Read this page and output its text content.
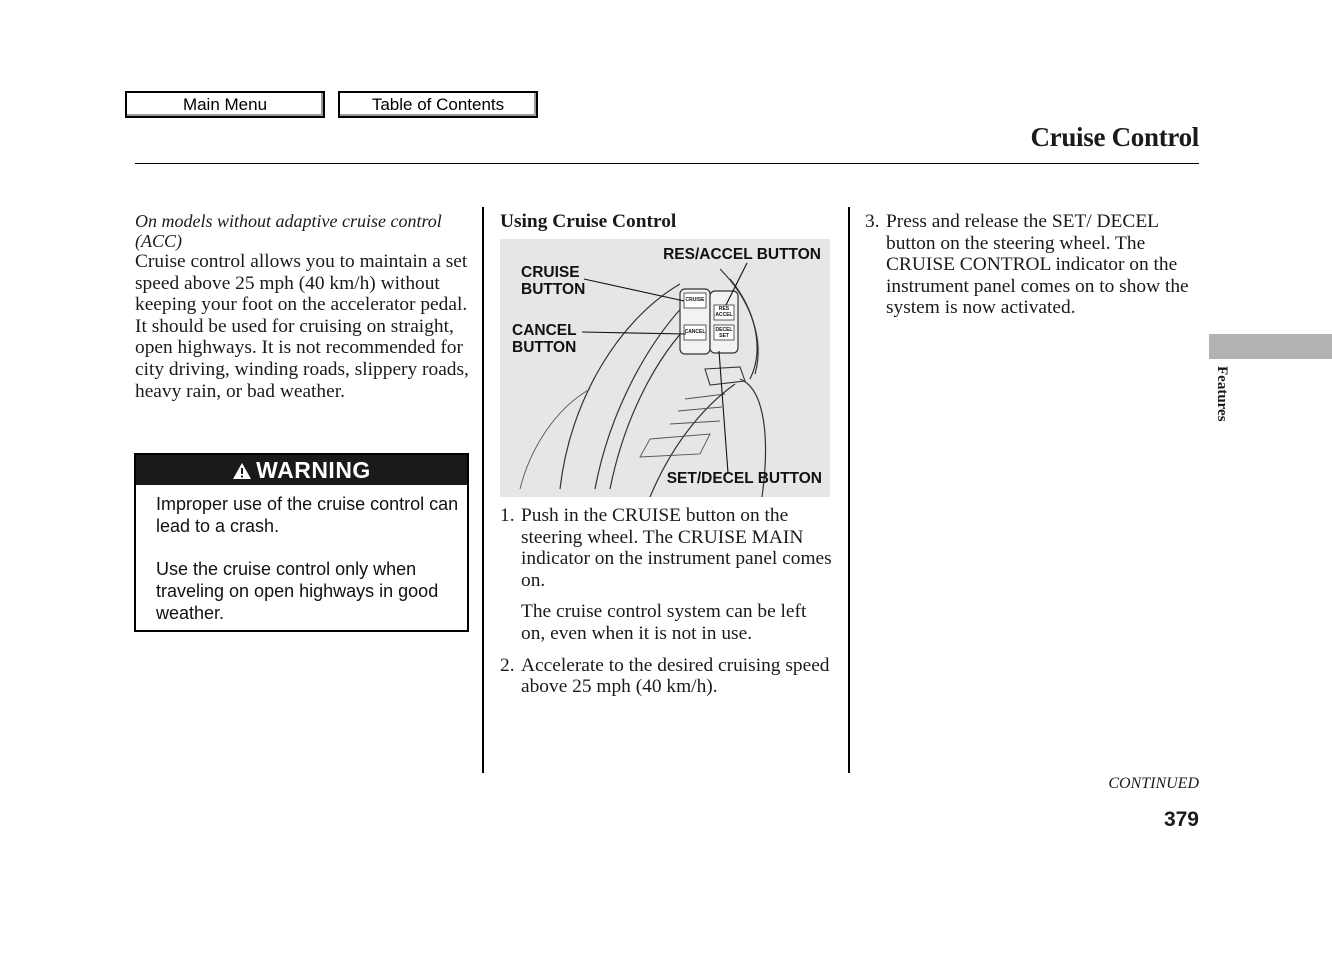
Main Menu	Table of Contents
Cruise Control
On models without adaptive cruise control (ACC)
Cruise control allows you to maintain a set speed above 25 mph (40 km/h) without keeping your foot on the accelerator pedal. It should be used for cruising on straight, open highways. It is not recommended for city driving, winding roads, slippery roads, heavy rain, or bad weather.
WARNING

Improper use of the cruise control can lead to a crash.

Use the cruise control only when traveling on open highways in good weather.

Using Cruise Control
CRUISE
CANCEL
RES
ACCEL
DECEL
SET
RES/ACCEL BUTTON
CRUISE
BUTTON
CANCEL
BUTTON
SET/DECEL BUTTON
1. Push in the CRUISE button on the steering wheel. The CRUISE MAIN indicator on the instrument panel comes on.
The cruise control system can be left on, even when it is not in use.
2. Accelerate to the desired cruising speed above 25 mph (40 km/h).
3. Press and release the SET/ DECEL button on the steering wheel. The CRUISE CONTROL indicator on the instrument panel comes on to show the system is now activated.
Features
CONTINUED
379
